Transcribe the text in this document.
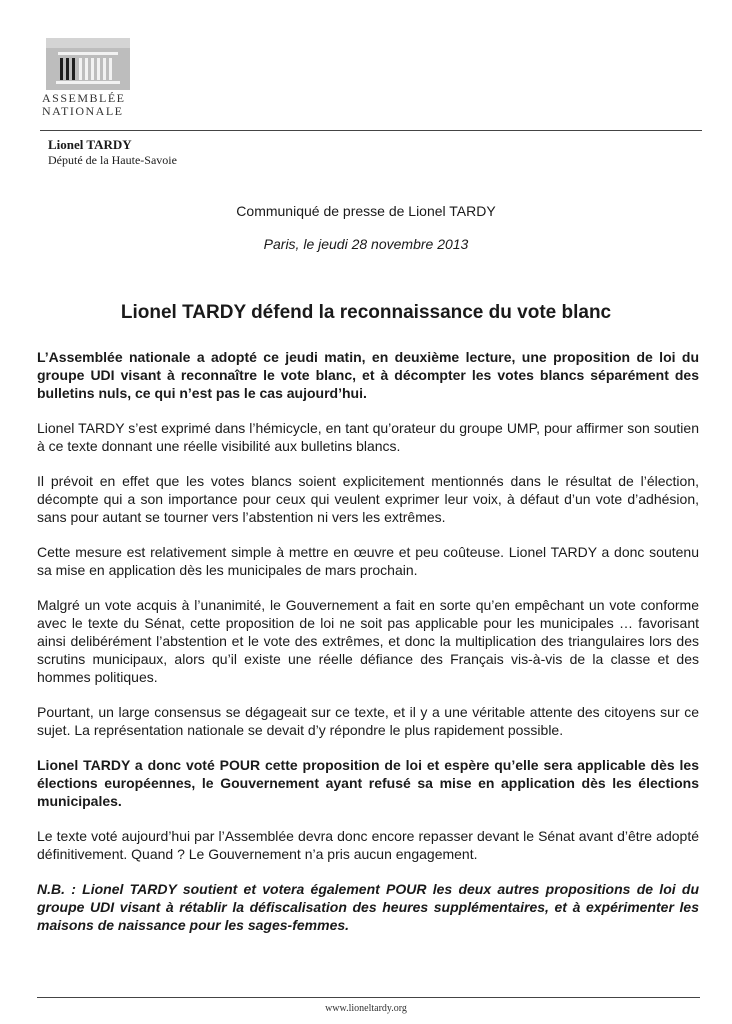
ASSEMBLÉE
NATIONALE
Lionel TARDY
Député de la Haute-Savoie
Communiqué de presse de Lionel TARDY
Paris, le jeudi 28 novembre 2013
Lionel TARDY défend la reconnaissance du vote blanc

L’Assemblée nationale a adopté ce jeudi matin, en deuxième lecture, une proposition de loi du groupe UDI visant à reconnaître le vote blanc, et à décompter les votes blancs séparément des bulletins nuls, ce qui n’est pas le cas aujourd’hui.

Lionel TARDY s’est exprimé dans l’hémicycle, en tant qu’orateur du groupe UMP, pour affirmer son soutien à ce texte donnant une réelle visibilité aux bulletins blancs.

Il prévoit en effet que les votes blancs soient explicitement mentionnés dans le résultat de l’élection, décompte qui a son importance pour ceux qui veulent exprimer leur voix, à défaut d’un vote d’adhésion, sans pour autant se tourner vers l’abstention ni vers les extrêmes.

Cette mesure est relativement simple à mettre en œuvre et peu coûteuse. Lionel TARDY a donc soutenu sa mise en application dès les municipales de mars prochain.

Malgré un vote acquis à l’unanimité, le Gouvernement a fait en sorte qu’en empêchant un vote conforme avec le texte du Sénat, cette proposition de loi ne soit pas applicable pour les municipales … favorisant ainsi delibérément l’abstention et le vote des extrêmes, et donc la multiplication des triangulaires lors des scrutins municipaux, alors qu’il existe une réelle défiance des Français vis-à-vis de la classe et des hommes politiques.

Pourtant, un large consensus se dégageait sur ce texte, et il y a une véritable attente des citoyens sur ce sujet. La représentation nationale se devait d’y répondre le plus rapidement possible.

Lionel TARDY a donc voté POUR cette proposition de loi et espère qu’elle sera applicable dès les élections européennes, le Gouvernement ayant refusé sa mise en application dès les élections municipales.

Le texte voté aujourd’hui par l’Assemblée devra donc encore repasser devant le Sénat avant d’être adopté définitivement. Quand ? Le Gouvernement n’a pris aucun engagement.

N.B. : Lionel TARDY soutient et votera également POUR les deux autres propositions de loi du groupe UDI visant à rétablir la défiscalisation des heures supplémentaires, et à expérimenter les maisons de naissance pour les sages-femmes.

www.lioneltardy.org
